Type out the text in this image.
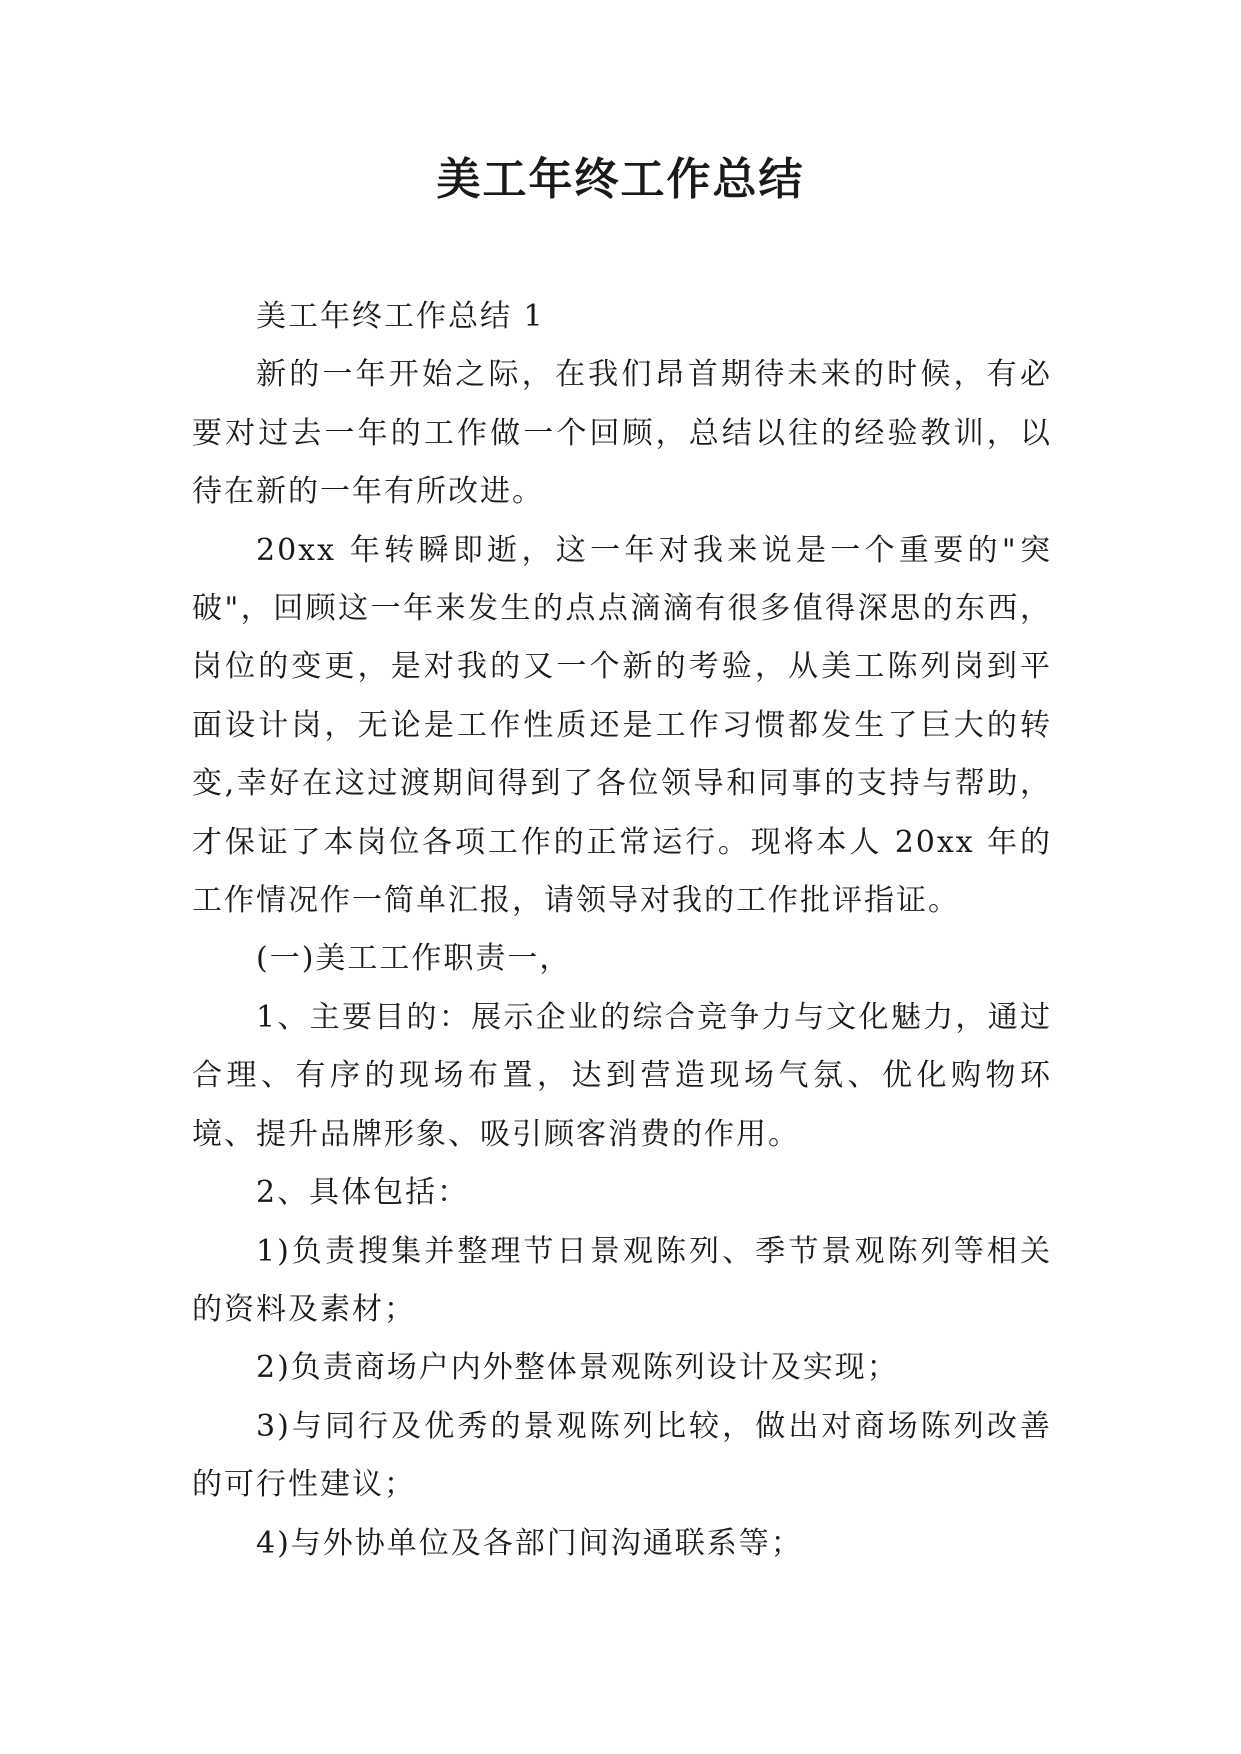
美工年终工作总结

美工年终工作总结 1

新的一年开始之际，在我们昂首期待未来的时候，有必要对过去一年的工作做一个回顾，总结以往的经验教训，以待在新的一年有所改进。

20xx 年转瞬即逝，这一年对我来说是一个重要的"突破"，回顾这一年来发生的点点滴滴有很多值得深思的东西，岗位的变更，是对我的又一个新的考验，从美工陈列岗到平面设计岗，无论是工作性质还是工作习惯都发生了巨大的转变,幸好在这过渡期间得到了各位领导和同事的支持与帮助，才保证了本岗位各项工作的正常运行。现将本人 20xx 年的工作情况作一简单汇报，请领导对我的工作批评指证。

(一)美工工作职责一，

1、主要目的：展示企业的综合竞争力与文化魅力，通过合理、有序的现场布置，达到营造现场气氛、优化购物环境、提升品牌形象、吸引顾客消费的作用。

2、具体包括：

1)负责搜集并整理节日景观陈列、季节景观陈列等相关的资料及素材；

2)负责商场户内外整体景观陈列设计及实现；

3)与同行及优秀的景观陈列比较，做出对商场陈列改善的可行性建议；

4)与外协单位及各部门间沟通联系等；
